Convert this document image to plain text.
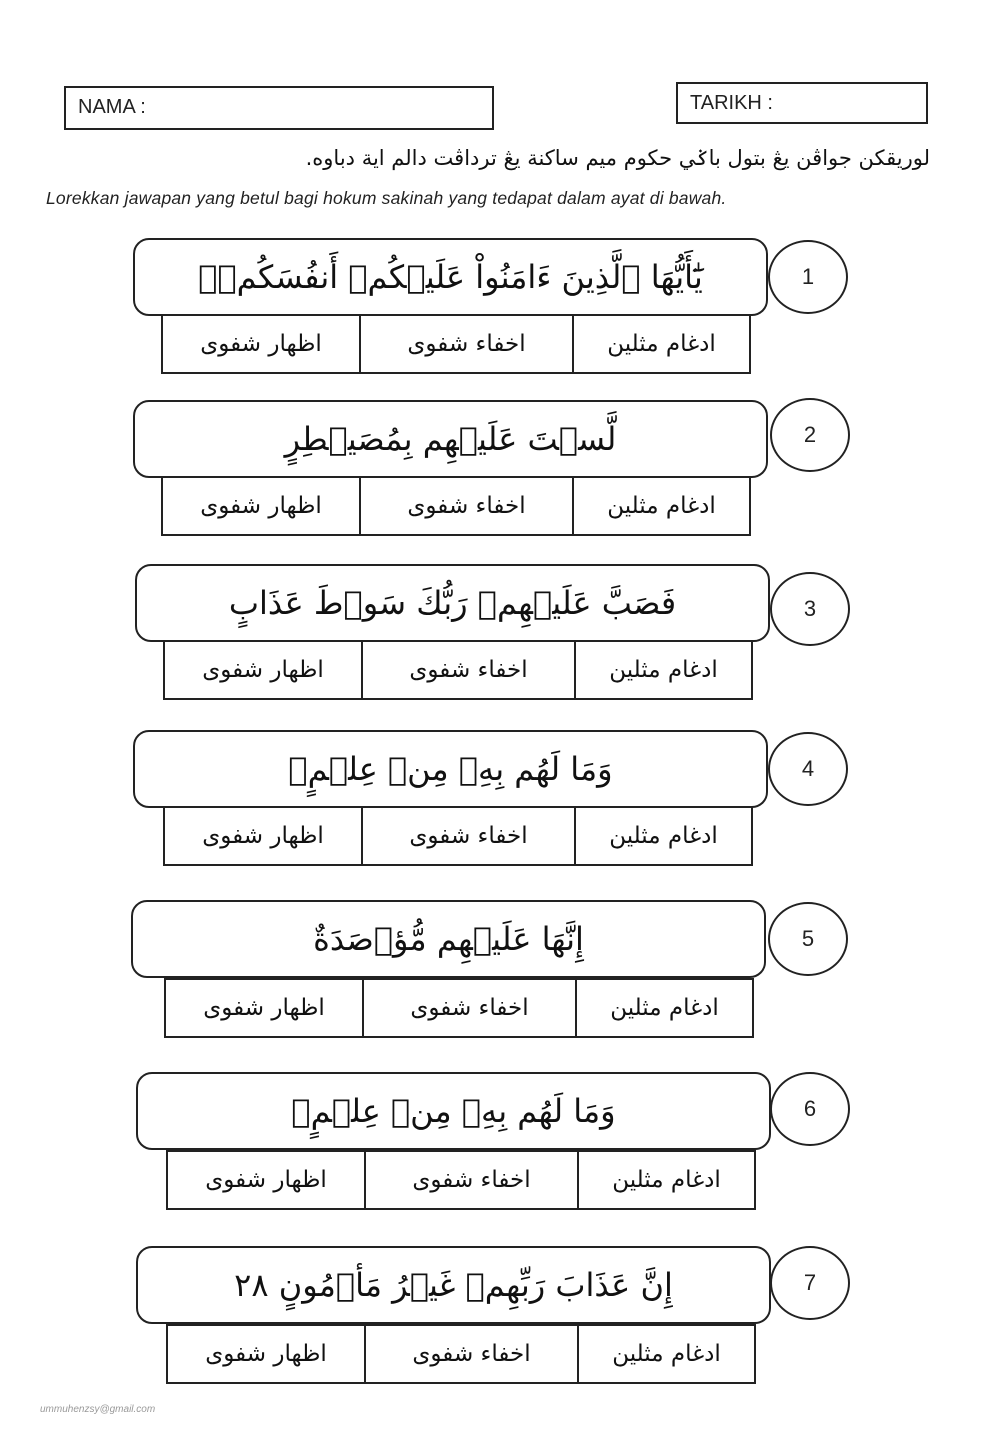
NAMA :	TARIKH :
لوريقكن جواڤن يڠ بتول باݢي حكوم ميم ساكنة يڠ ترداڤت دالم اية دباوه.
Lorekkan jawapan yang betul bagi hokum sakinah yang tedapat dalam ayat di bawah.
يَٰٓأَيُّهَا ٱلَّذِينَ ءَامَنُواْ عَلَيۡكُمۡ أَنفُسَكُمۡۖ	1
اظهار شفوى	اخفاء شفوى	ادغام مثلين
لَّسۡتَ عَلَيۡهِم بِمُصَيۡطِرٍ	2
اظهار شفوى	اخفاء شفوى	ادغام مثلين
فَصَبَّ عَلَيۡهِمۡ رَبُّكَ سَوۡطَ عَذَابٍ	3
اظهار شفوى	اخفاء شفوى	ادغام مثلين
وَمَا لَهُم بِهِۦ مِنۡ عِلۡمٍۖ	4
اظهار شفوى	اخفاء شفوى	ادغام مثلين
إِنَّهَا عَلَيۡهِم مُّؤۡصَدَةٌ	5
اظهار شفوى	اخفاء شفوى	ادغام مثلين
وَمَا لَهُم بِهِۦ مِنۡ عِلۡمٍۖ	6
اظهار شفوى	اخفاء شفوى	ادغام مثلين
إِنَّ عَذَابَ رَبِّهِمۡ غَيۡرُ مَأۡمُونٍ ٢٨	7
اظهار شفوى	اخفاء شفوى	ادغام مثلين
ummuhenzsy@gmail.com
